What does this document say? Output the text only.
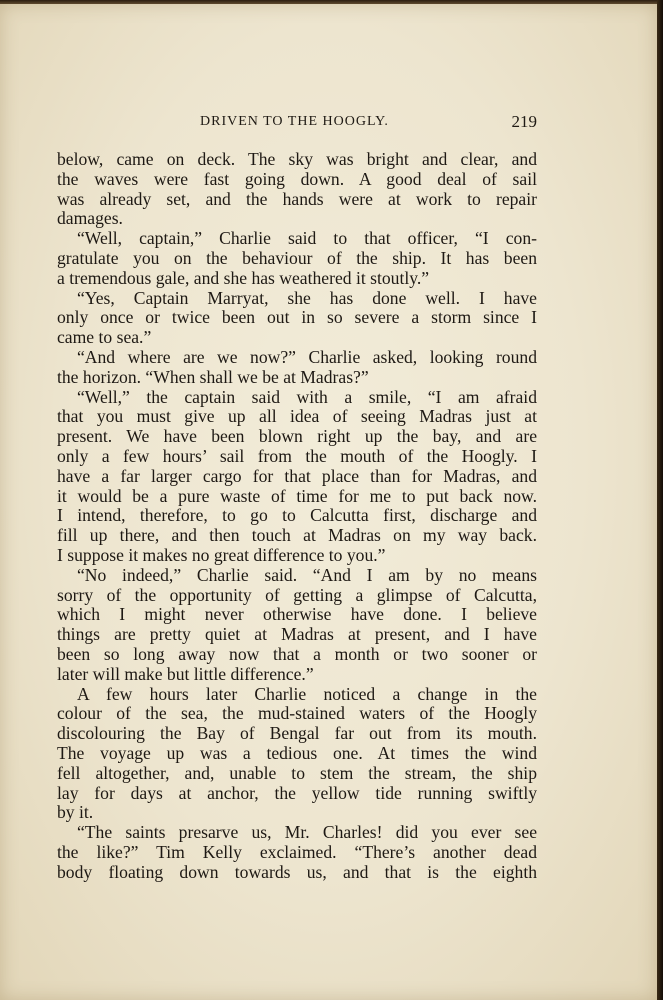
DRIVEN TO THE HOOGLY.	219
below, came on deck. The sky was bright and clear, and
the waves were fast going down. A good deal of sail
was already set, and the hands were at work to repair
damages.
“Well, captain,” Charlie said to that officer, “I con-
gratulate you on the behaviour of the ship. It has been
a tremendous gale, and she has weathered it stoutly.”
“Yes, Captain Marryat, she has done well. I have
only once or twice been out in so severe a storm since I
came to sea.”
“And where are we now?” Charlie asked, looking round
the horizon. “When shall we be at Madras?”
“Well,” the captain said with a smile, “I am afraid
that you must give up all idea of seeing Madras just at
present. We have been blown right up the bay, and are
only a few hours’ sail from the mouth of the Hoogly. I
have a far larger cargo for that place than for Madras, and
it would be a pure waste of time for me to put back now.
I intend, therefore, to go to Calcutta first, discharge and
fill up there, and then touch at Madras on my way back.
I suppose it makes no great difference to you.”
“No indeed,” Charlie said. “And I am by no means
sorry of the opportunity of getting a glimpse of Calcutta,
which I might never otherwise have done. I believe
things are pretty quiet at Madras at present, and I have
been so long away now that a month or two sooner or
later will make but little difference.”
A few hours later Charlie noticed a change in the
colour of the sea, the mud-stained waters of the Hoogly
discolouring the Bay of Bengal far out from its mouth.
The voyage up was a tedious one. At times the wind
fell altogether, and, unable to stem the stream, the ship
lay for days at anchor, the yellow tide running swiftly
by it.
“The saints presarve us, Mr. Charles! did you ever see
the like?” Tim Kelly exclaimed. “There’s another dead
body floating down towards us, and that is the eighth
